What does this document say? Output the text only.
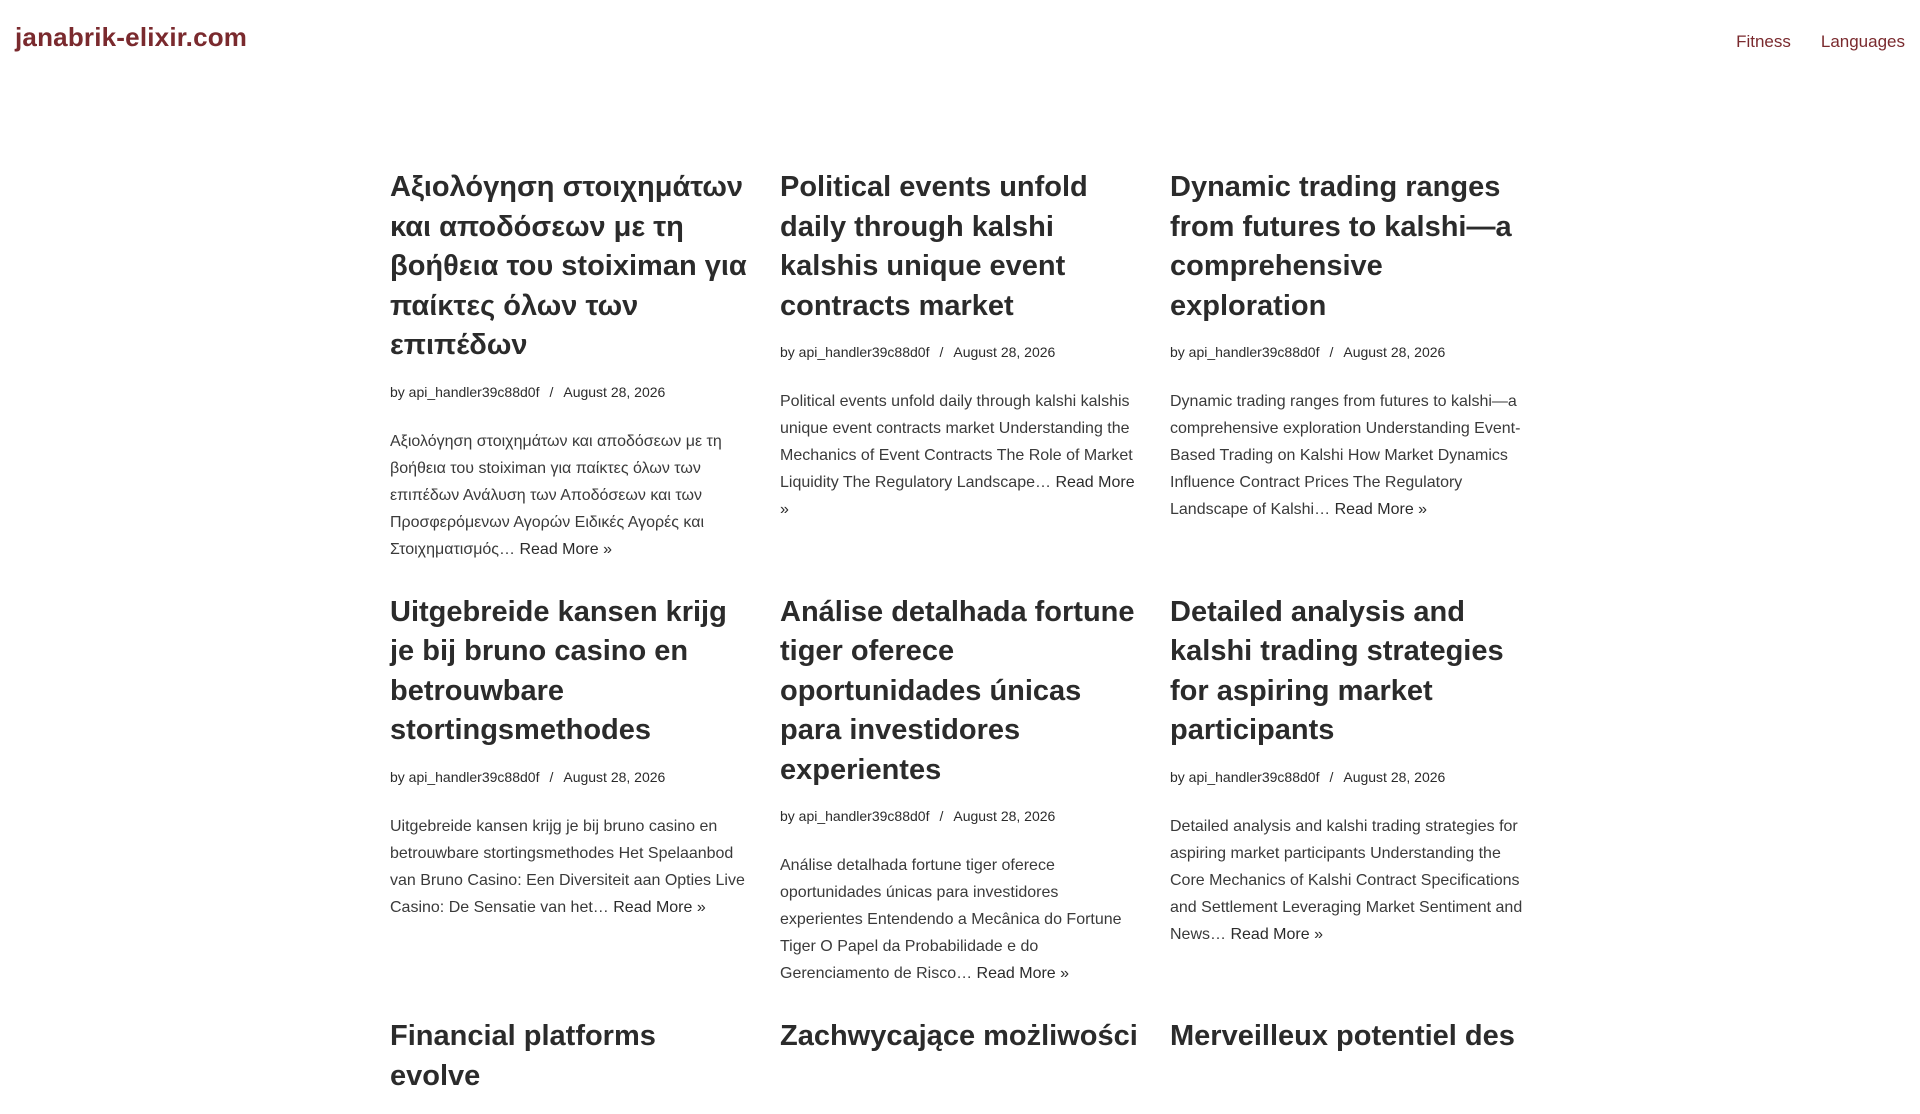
janabrik-elixir.com	Fitness Languages
Αξιολόγηση στοιχημάτων και αποδόσεων με τη βοήθεια του stoiximan για παίκτες όλων των επιπέδων
by api_handler39c88d0f / August 28, 2026

Αξιολόγηση στοιχημάτων και αποδόσεων με τη βοήθεια του stoiximan για παίκτες όλων των επιπέδων Ανάλυση των Αποδόσεων και των Προσφερόμενων Αγορών Ειδικές Αγορές και Στοιχηματισμός… Read More »

Political events unfold daily through kalshi kalshis unique event contracts market
by api_handler39c88d0f / August 28, 2026

Political events unfold daily through kalshi kalshis unique event contracts market Understanding the Mechanics of Event Contracts The Role of Market Liquidity The Regulatory Landscape… Read More »

Dynamic trading ranges from futures to kalshi—a comprehensive exploration
by api_handler39c88d0f / August 28, 2026

Dynamic trading ranges from futures to kalshi—a comprehensive exploration Understanding Event-Based Trading on Kalshi How Market Dynamics Influence Contract Prices The Regulatory Landscape of Kalshi… Read More »

Uitgebreide kansen krijg je bij bruno casino en betrouwbare stortingsmethodes
by api_handler39c88d0f / August 28, 2026

Uitgebreide kansen krijg je bij bruno casino en betrouwbare stortingsmethodes Het Spelaanbod van Bruno Casino: Een Diversiteit aan Opties Live Casino: De Sensatie van het… Read More »

Análise detalhada fortune tiger oferece oportunidades únicas para investidores experientes
by api_handler39c88d0f / August 28, 2026

Análise detalhada fortune tiger oferece oportunidades únicas para investidores experientes Entendendo a Mecânica do Fortune Tiger O Papel da Probabilidade e do Gerenciamento de Risco… Read More »

Detailed analysis and kalshi trading strategies for aspiring market participants
by api_handler39c88d0f / August 28, 2026

Detailed analysis and kalshi trading strategies for aspiring market participants Understanding the Core Mechanics of Kalshi Contract Specifications and Settlement Leveraging Market Sentiment and News… Read More »

Financial platforms evolve
Zachwycające możliwości Merveilleux potentiel des
